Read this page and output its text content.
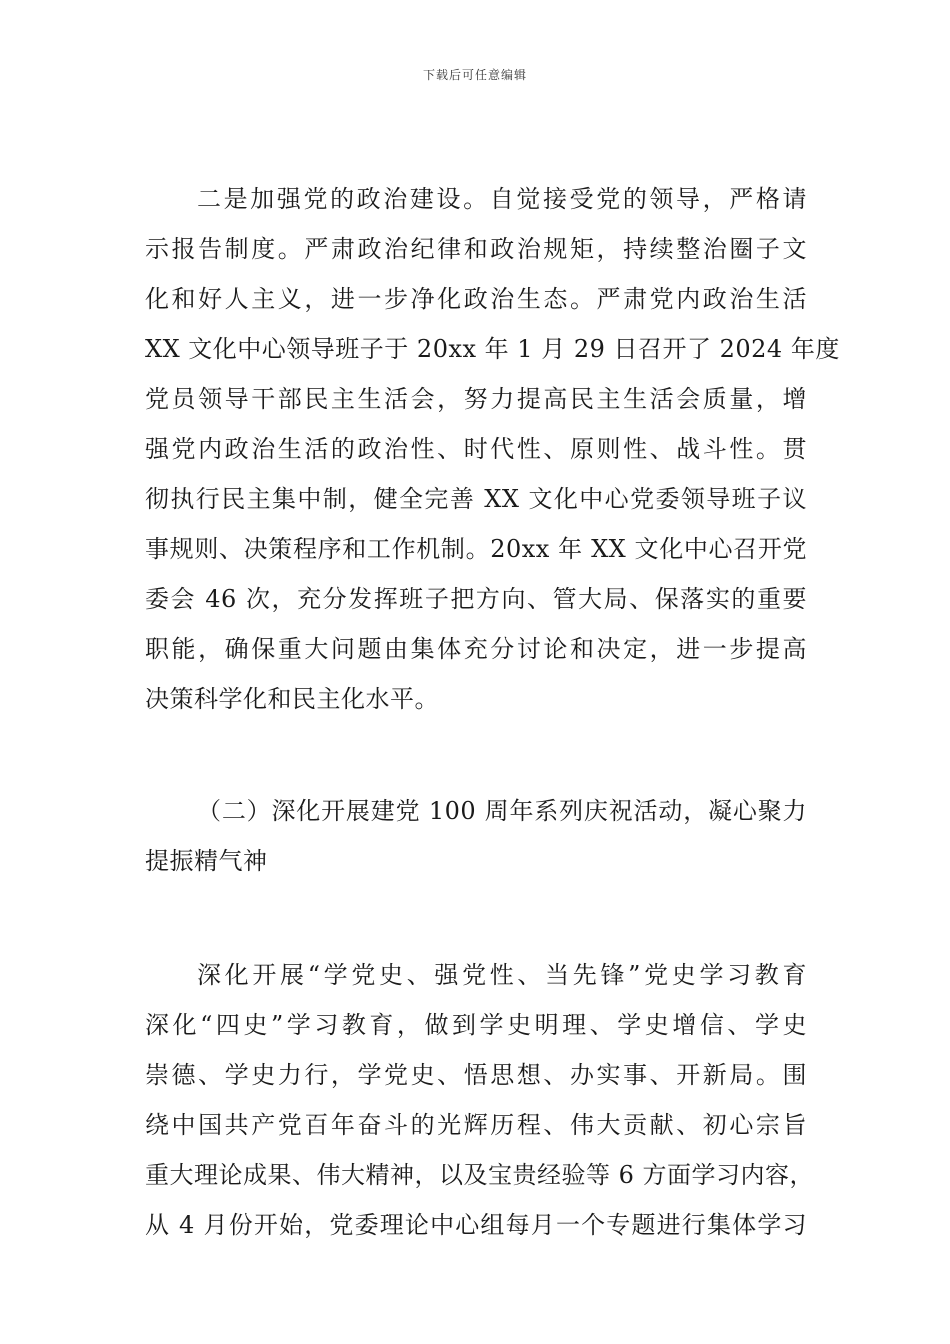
下载后可任意编辑
二是加强党的政治建设。自觉接受党的领导，严格请
示报告制度。严肃政治纪律和政治规矩，持续整治圈子文
化和好人主义，进一步净化政治生态。严肃党内政治生活
XX 文化中心领导班子于 20xx 年 1 月 29 日召开了 2024 年度
党员领导干部民主生活会，努力提高民主生活会质量，增
强党内政治生活的政治性、时代性、原则性、战斗性。贯
彻执行民主集中制，健全完善 XX 文化中心党委领导班子议
事规则、决策程序和工作机制。20xx 年 XX 文化中心召开党
委会 46 次，充分发挥班子把方向、管大局、保落实的重要
职能，确保重大问题由集体充分讨论和决定，进一步提高
决策科学化和民主化水平。
（二）深化开展建党 100 周年系列庆祝活动，凝心聚力
提振精气神
深化开展“学党史、强党性、当先锋”党史学习教育
深化“四史”学习教育，做到学史明理、学史增信、学史
崇德、学史力行，学党史、悟思想、办实事、开新局。围
绕中国共产党百年奋斗的光辉历程、伟大贡献、初心宗旨
重大理论成果、伟大精神，以及宝贵经验等 6 方面学习内容，
从 4 月份开始，党委理论中心组每月一个专题进行集体学习
